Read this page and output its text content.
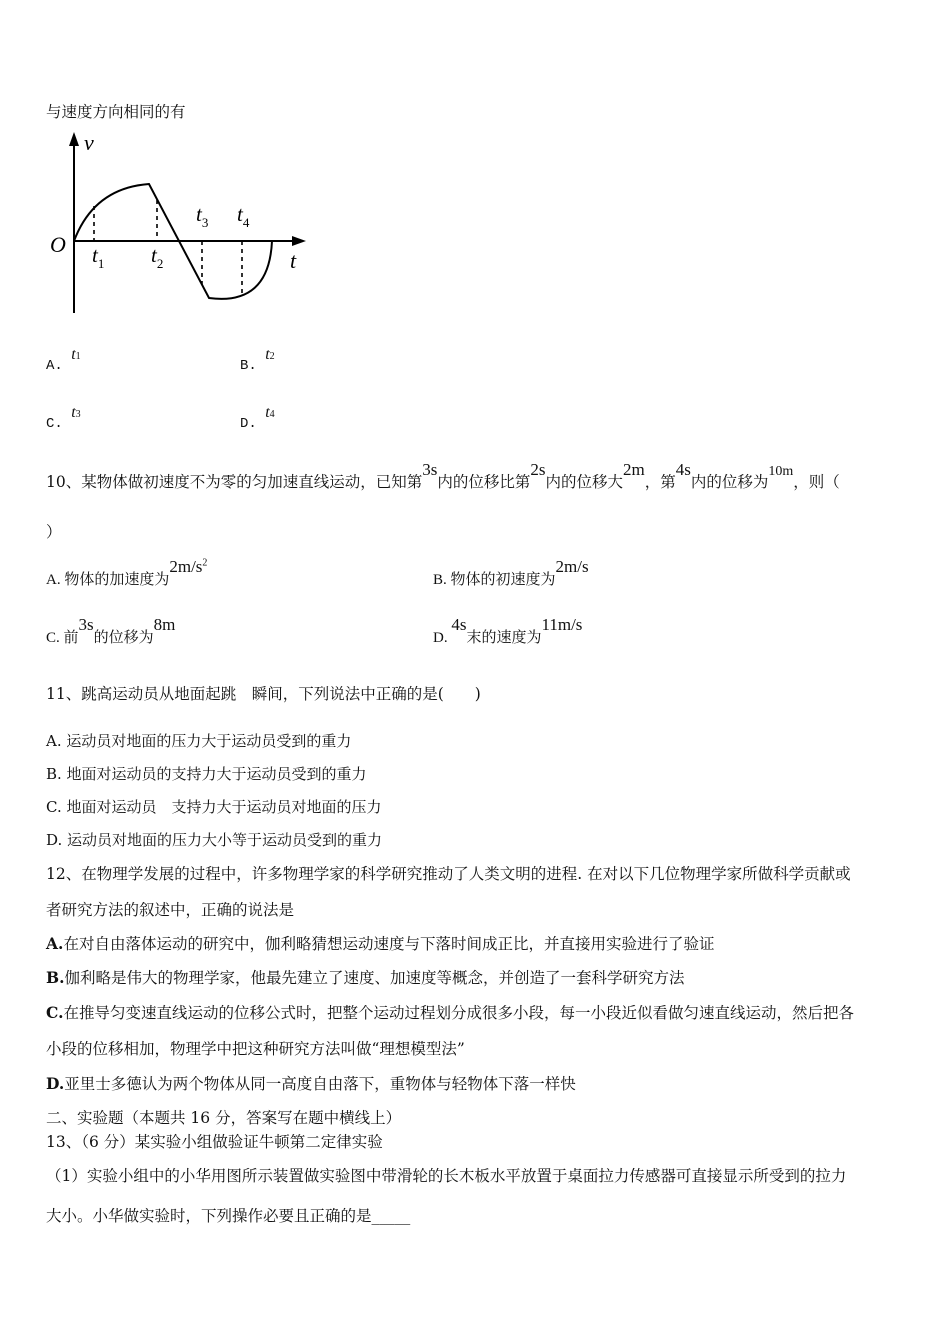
与速度方向相同的有
v
t
O $t_1$ $t_2$
$t_3$ $t_4$
A. t1
B. t2
C. t3
D. t4
10、某物体做初速度不为零的匀加速直线运动，已知第3s内的位移比第2s内的位移大2m，第4s内的位移为10m，则（
）
A. 物体的加速度为$2m/s^2$
B. 物体的初速度为2m/s
C. 前3s的位移为8m
D. 4s末的速度为11m/s
11、跳高运动员从地面起跳　瞬间，下列说法中正确的是(　　)
A. 运动员对地面的压力大于运动员受到的重力
B. 地面对运动员的支持力大于运动员受到的重力
C. 地面对运动员　支持力大于运动员对地面的压力
D. 运动员对地面的压力大小等于运动员受到的重力
12、在物理学发展的过程中，许多物理学家的科学研究推动了人类文明的进程. 在对以下几位物理学家所做科学贡献或
者研究方法的叙述中，正确的说法是
A.在对自由落体运动的研究中，伽利略猜想运动速度与下落时间成正比，并直接用实验进行了验证
B.伽利略是伟大的物理学家，他最先建立了速度、加速度等概念，并创造了一套科学研究方法
C.在推导匀变速直线运动的位移公式时，把整个运动过程划分成很多小段，每一小段近似看做匀速直线运动，然后把各
小段的位移相加，物理学中把这种研究方法叫做“理想模型法”
D.亚里士多德认为两个物体从同一高度自由落下，重物体与轻物体下落一样快
二、实验题（本题共 16 分，答案写在题中横线上）
13、（6 分）某实验小组做验证牛顿第二定律实验
（1）实验小组中的小华用图所示装置做实验图中带滑轮的长木板水平放置于桌面拉力传感器可直接显示所受到的拉力
大小。小华做实验时，下列操作必要且正确的是_____
